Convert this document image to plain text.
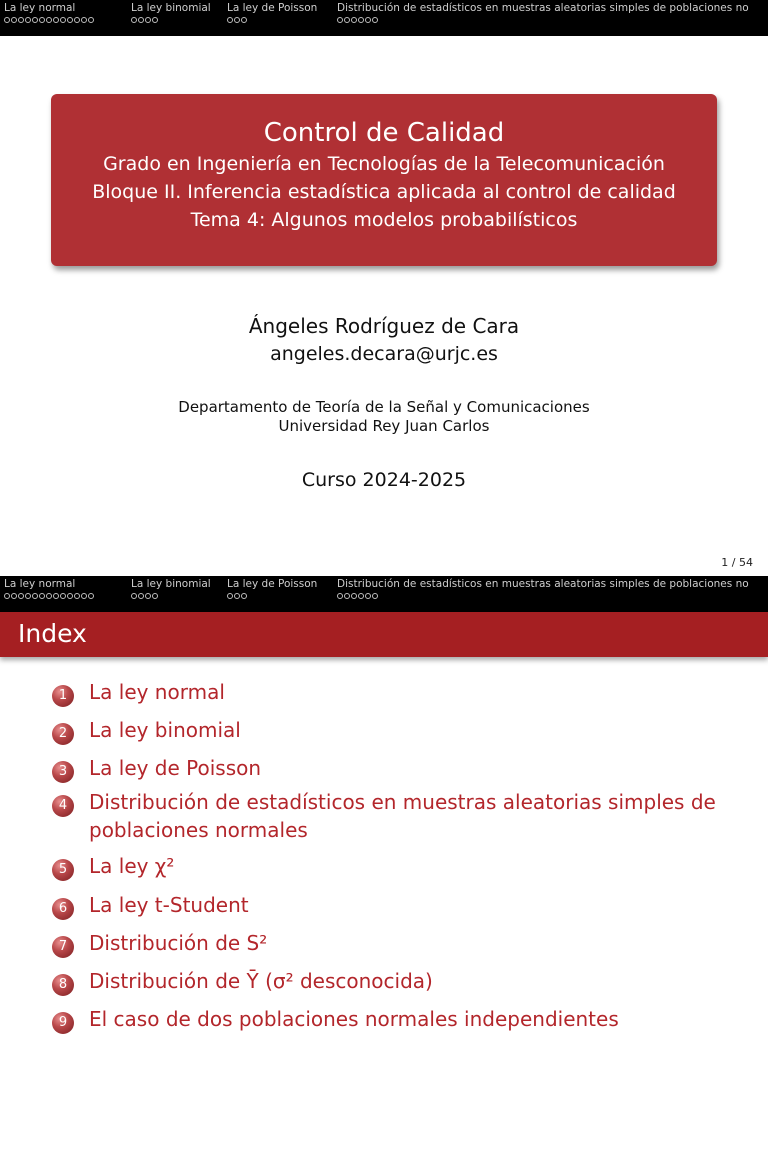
La ley normal	La ley binomial La ley de Poisson Distribución de estadísticos en muestras aleatorias simples de poblaciones no
Control de Calidad
Grado en Ingeniería en Tecnologías de la Telecomunicación
Bloque II. Inferencia estadística aplicada al control de calidad
Tema 4: Algunos modelos probabilísticos
Ángeles Rodríguez de Cara
angeles.decara@urjc.es
Departamento de Teoría de la Señal y Comunicaciones
Universidad Rey Juan Carlos
Curso 2024-2025
1 / 54
La ley normal	La ley binomial La ley de Poisson Distribución de estadísticos en muestras aleatorias simples de poblaciones no
Index
1	La ley normal
2	La ley binomial
3	La ley de Poisson
4	Distribución de estadísticos en muestras aleatorias simples de poblaciones normales
5	La ley χ²
6	La ley t-Student
7	Distribución de S²
8	Distribución de Ȳ (σ² desconocida)
9	El caso de dos poblaciones normales independientes
